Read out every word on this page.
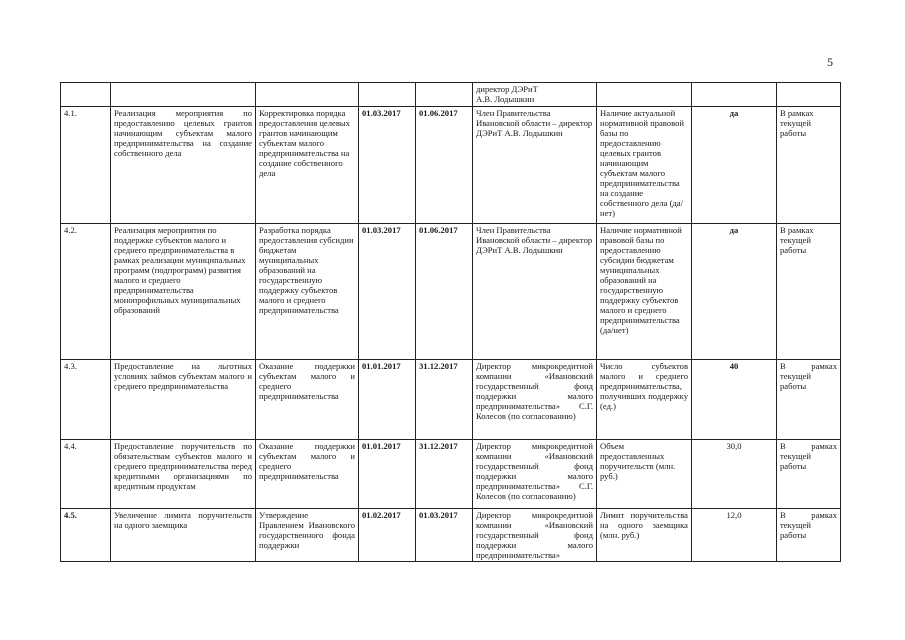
5
					директор ДЭРиТ
А.В. Лодышкин			
4.1.	Реализация мероприятия по предоставлению целевых грантов начинающим субъектам малого предпринимательства на создание собственного дела	Корректировка порядка предоставления целевых грантов начинающим субъектам малого предпринимательства на создание собственного дела	01.03.2017	01.06.2017	Член Правительства Ивановской области – директор ДЭРиТ А.В. Лодышкин	Наличие актуальной нормативной правовой базы по предоставлению целевых грантов начинающим субъектам малого предпринимательства на создание собственного дела (да/нет)	да	В рамках текущей работы
4.2.	Реализация мероприятия по поддержке субъектов малого и среднего предпринимательства в рамках реализации муниципальных программ (подпрограмм) развития малого и среднего предпринимательства монопрофильных муниципальных образований	Разработка порядка предоставления субсидии бюджетам муниципальных образований на государственную поддержку субъектов малого и среднего предпринимательства	01.03.2017	01.06.2017	Член Правительства Ивановской области – директор ДЭРиТ А.В. Лодышкин	Наличие нормативной правовой базы по предоставлению субсидии бюджетам муниципальных образований на государственную поддержку субъектов малого и среднего предпринимательства (да/нет)	да	В рамках текущей работы
4.3.	Предоставление на льготных условиях займов субъектам малого и среднего предпринимательства	Оказание поддержки субъектам малого и среднего предпринимательства	01.01.2017	31.12.2017	Директор микрокредитной компании «Ивановский государственный фонд поддержки малого предпринимательства» С.Г. Колесов (по согласованию)	Число субъектов малого и среднего предпринимательства, получивших поддержку (ед.)	40	В рамках текущей работы
4.4.	Предоставление поручительств по обязательствам субъектов малого и среднего предпринимательства перед кредитными организациями по кредитным продуктам	Оказание поддержки субъектам малого и среднего предпринимательства	01.01.2017	31.12.2017	Директор микрокредитной компании «Ивановский государственный фонд поддержки малого предпринимательства» С.Г. Колесов (по согласованию)	Объем предоставленных поручительств (млн. руб.)	30,0	В рамках текущей работы
4.5.	Увеличение лимита поручительств на одного заемщика	Утверждение Правлением Ивановского государственного фонда поддержки	01.02.2017	01.03.2017	Директор микрокредитной компании «Ивановский государственный фонд поддержки малого предпринимательства»	Лимит поручительства на одного заемщика (млн. руб.)	12,0	В рамках текущей работы
